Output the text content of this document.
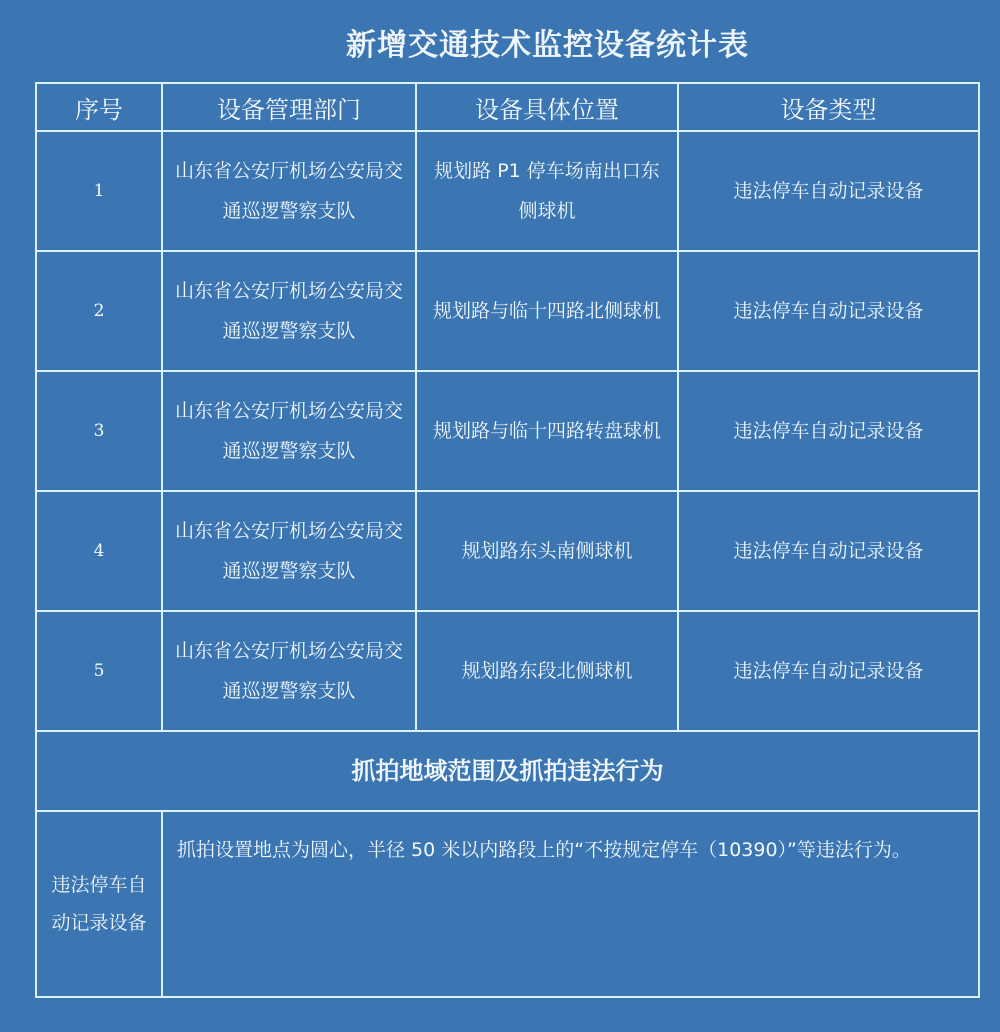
新增交通技术监控设备统计表
序号	设备管理部门	设备具体位置	设备类型
1	山东省公安厅机场公安局交通巡逻警察支队	规划路 P1 停车场南出口东侧球机	违法停车自动记录设备
2	山东省公安厅机场公安局交通巡逻警察支队	规划路与临十四路北侧球机	违法停车自动记录设备
3	山东省公安厅机场公安局交通巡逻警察支队	规划路与临十四路转盘球机	违法停车自动记录设备
4	山东省公安厅机场公安局交通巡逻警察支队	规划路东头南侧球机	违法停车自动记录设备
5	山东省公安厅机场公安局交通巡逻警察支队	规划路东段北侧球机	违法停车自动记录设备
抓拍地域范围及抓拍违法行为			
违法停车自动记录设备	抓拍设置地点为圆心，半径 50 米以内路段上的“不按规定停车（10390）”等违法行为。		
